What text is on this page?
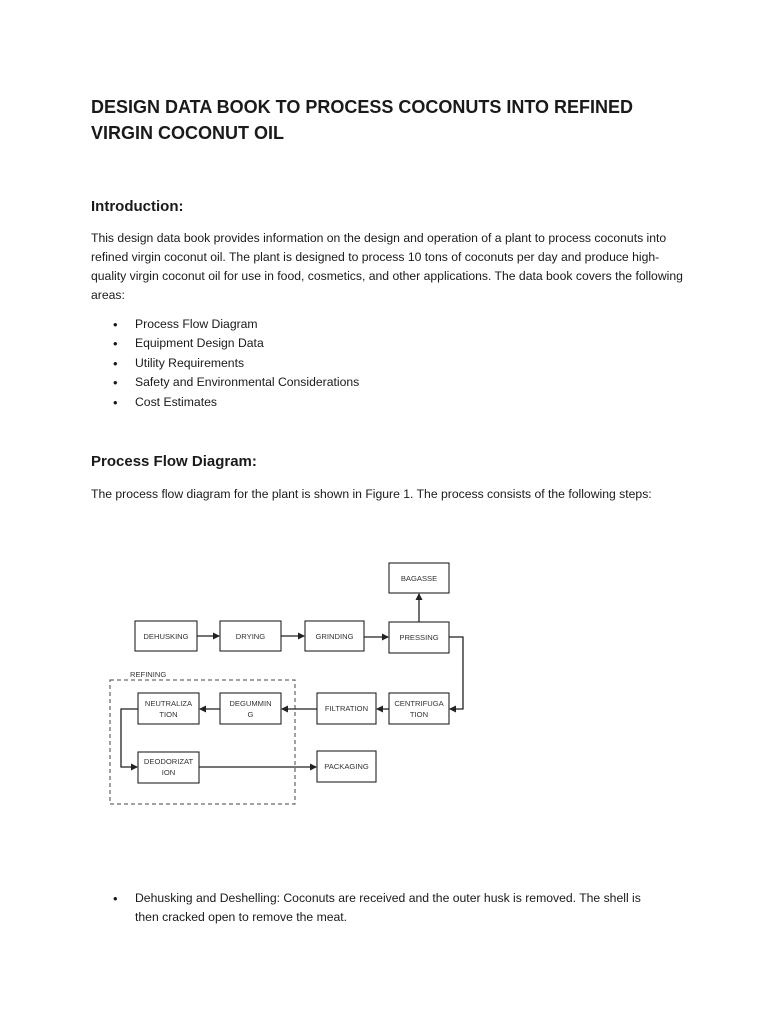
DESIGN DATA BOOK TO PROCESS COCONUTS INTO REFINED VIRGIN COCONUT OIL
Introduction:

This design data book provides information on the design and operation of a plant to process coconuts into refined virgin coconut oil. The plant is designed to process 10 tons of coconuts per day and produce high-quality virgin coconut oil for use in food, cosmetics, and other applications. The data book covers the following areas:

• Process Flow Diagram
• Equipment Design Data
• Utility Requirements
• Safety and Environmental Considerations
• Cost Estimates
Process Flow Diagram:

The process flow diagram for the plant is shown in Figure 1. The process consists of the following steps:

REFINING
BAGASSE
DEHUSKING	DRYING	GRINDING	PRESSING
CENTRIFUGA
TION
FILTRATION
DEGUMMIN
G
NEUTRALIZA
TION
DEODORIZAT
ION
PACKAGING
• Dehusking and Deshelling: Coconuts are received and the outer husk is removed. The shell is then cracked open to remove the meat.
